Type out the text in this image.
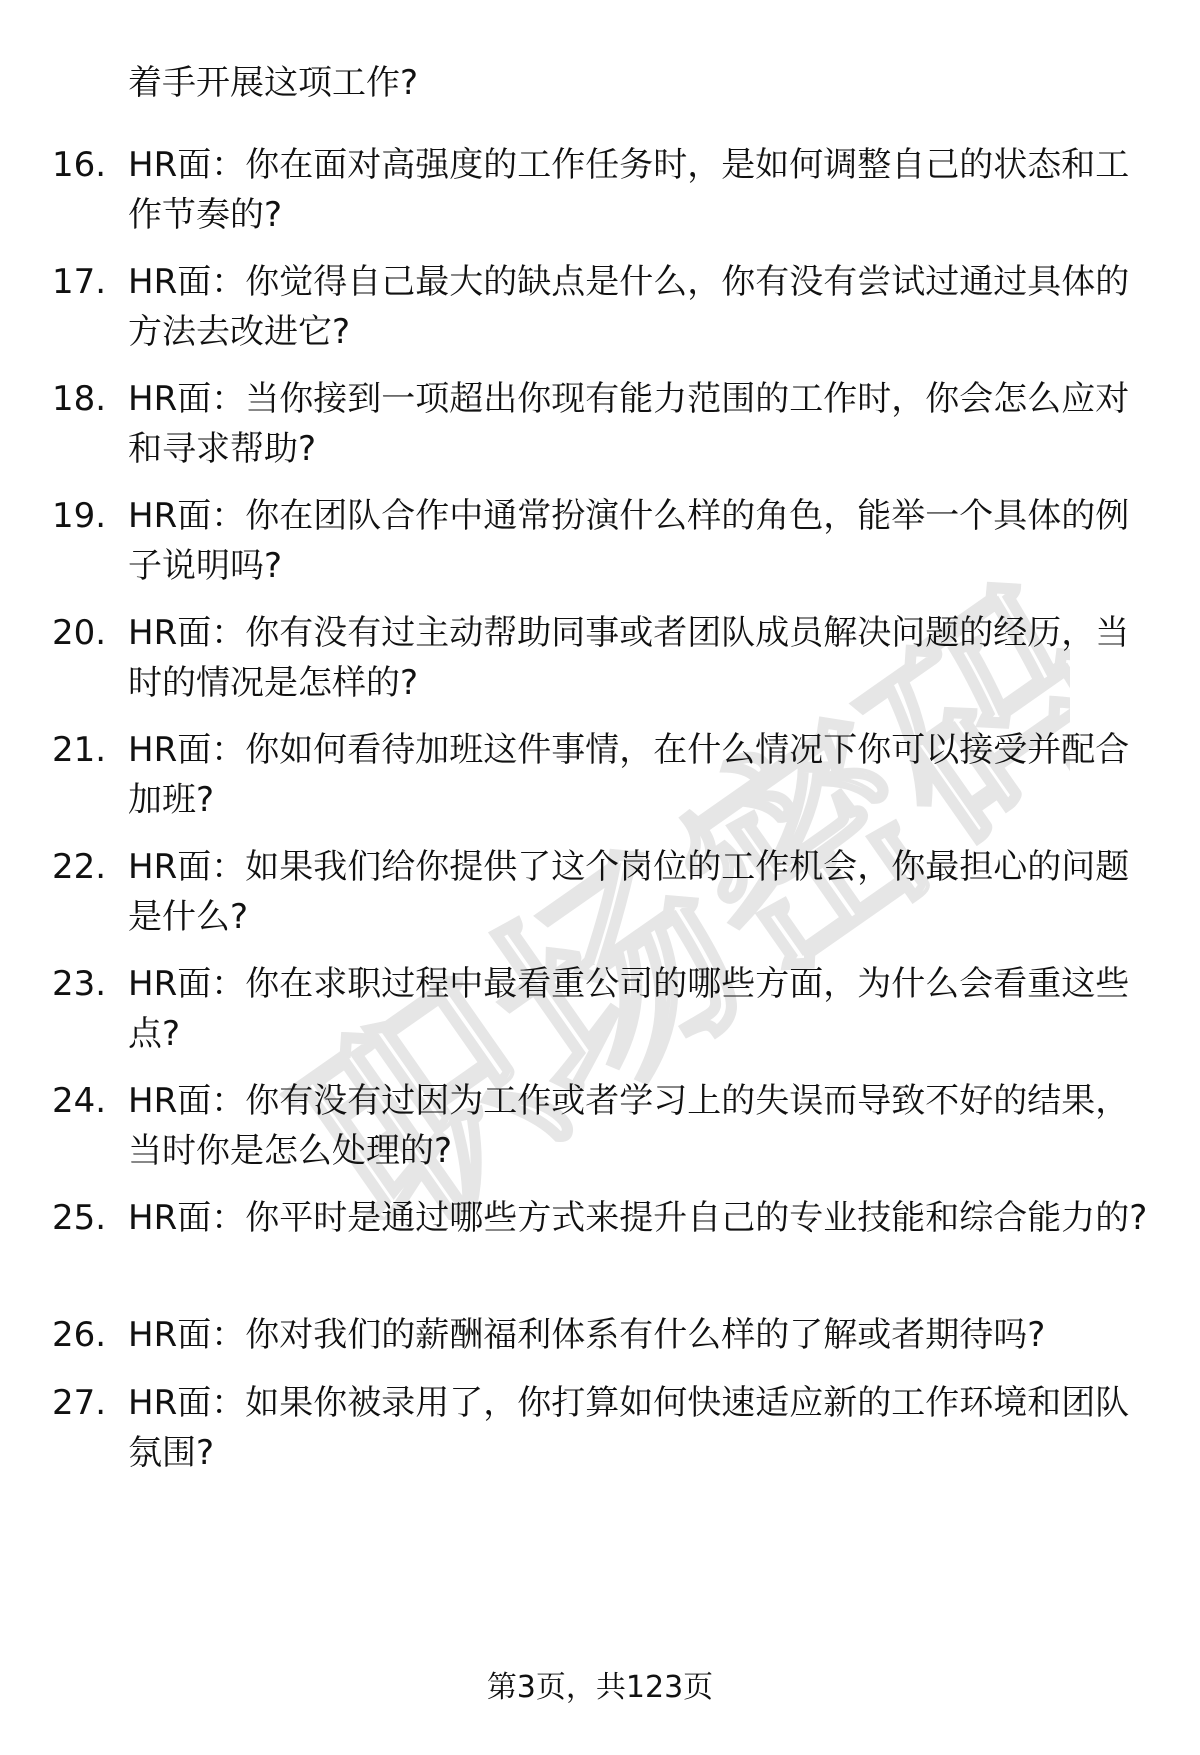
职场密码
着手开展这项工作?
16. HR面：你在面对高强度的工作任务时，是如何调整自己的状态和工作节奏的?
17. HR面：你觉得自己最大的缺点是什么，你有没有尝试过通过具体的方法去改进它?
18. HR面：当你接到一项超出你现有能力范围的工作时，你会怎么应对和寻求帮助?
19. HR面：你在团队合作中通常扮演什么样的角色，能举一个具体的例子说明吗?
20. HR面：你有没有过主动帮助同事或者团队成员解决问题的经历，当时的情况是怎样的?
21. HR面：你如何看待加班这件事情，在什么情况下你可以接受并配合加班?
22. HR面：如果我们给你提供了这个岗位的工作机会，你最担心的问题是什么?
23. HR面：你在求职过程中最看重公司的哪些方面，为什么会看重这些点?
24. HR面：你有没有过因为工作或者学习上的失误而导致不好的结果，当时你是怎么处理的?
25. HR面：你平时是通过哪些方式来提升自己的专业技能和综合能力的?
26. HR面：你对我们的薪酬福利体系有什么样的了解或者期待吗?
27. HR面：如果你被录用了，你打算如何快速适应新的工作环境和团队氛围?
第3页，共123页
